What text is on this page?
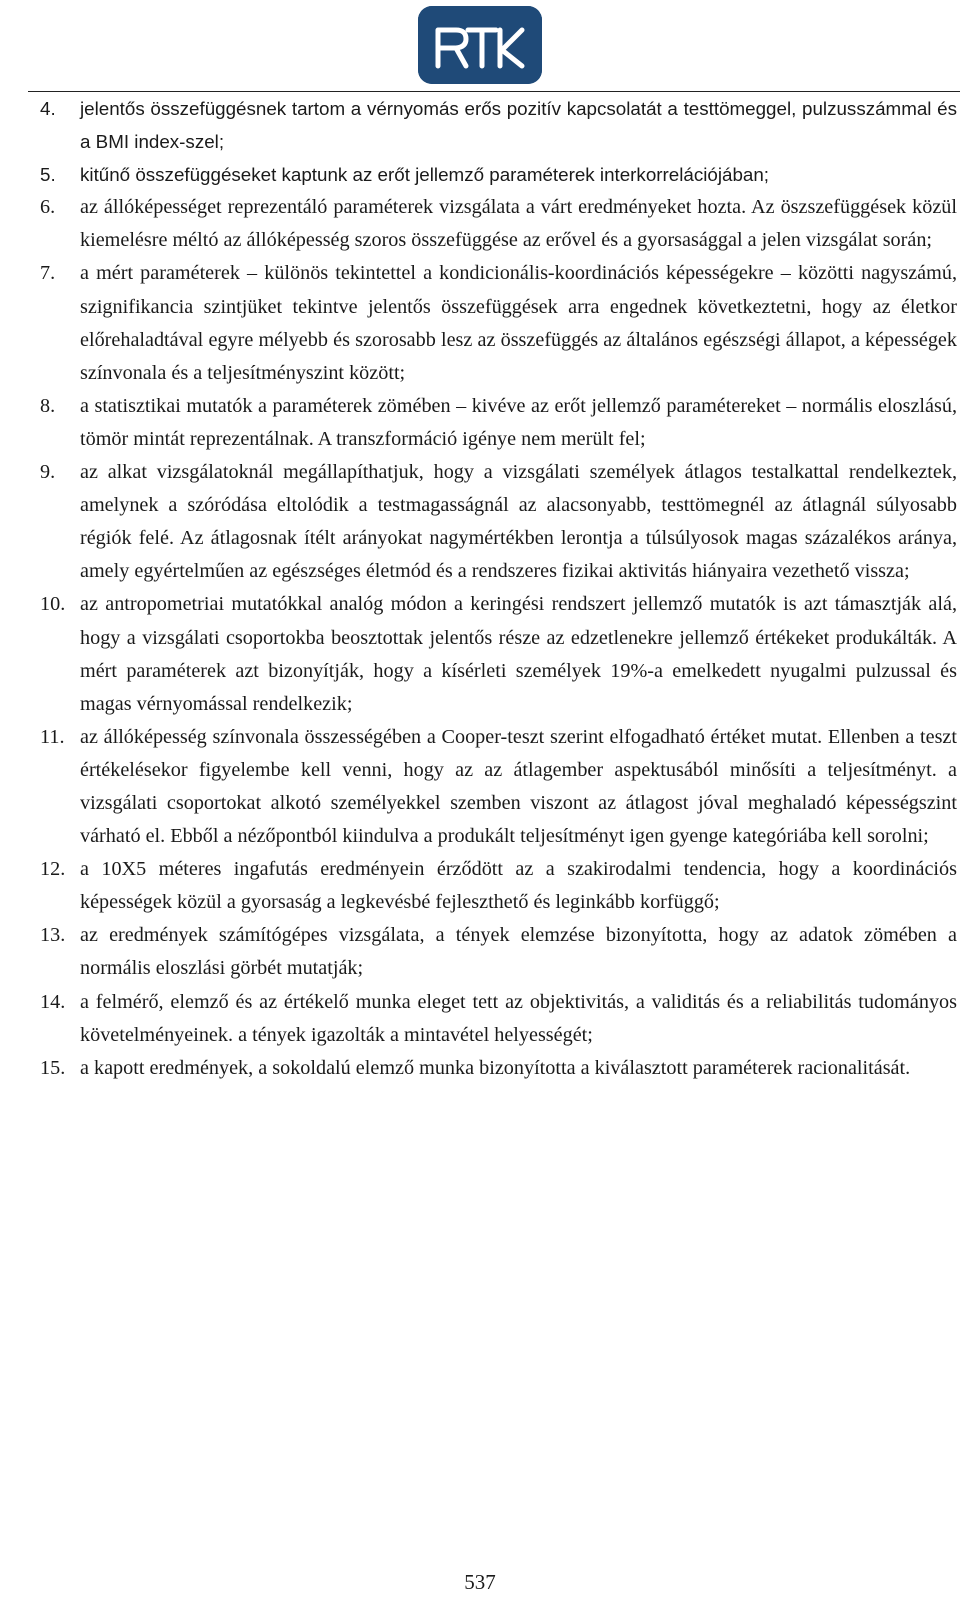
4. jelentős összefüggésnek tartom a vérnyomás erős pozitív kapcsolatát a testtömeggel, pulzusszámmal és a BMI index-szel;
5. kitűnő összefüggéseket kaptunk az erőt jellemző paraméterek interkorrelációjában;
6. az állóképességet reprezentáló paraméterek vizsgálata a várt eredményeket hozta. Az öszszefüggések közül kiemelésre méltó az állóképesség szoros összefüggése az erővel és a gyorsasággal a jelen vizsgálat során;
7. a mért paraméterek – különös tekintettel a kondicionális-koordinációs képességekre – közötti nagyszámú, szignifikancia szintjüket tekintve jelentős összefüggések arra engednek következtetni, hogy az életkor előrehaladtával egyre mélyebb és szorosabb lesz az összefüggés az általános egészségi állapot, a képességek színvonala és a teljesítményszint között;
8. a statisztikai mutatók a paraméterek zömében – kivéve az erőt jellemző paramétereket – normális eloszlású, tömör mintát reprezentálnak. A transzformáció igénye nem merült fel;
9. az alkat vizsgálatoknál megállapíthatjuk, hogy a vizsgálati személyek átlagos testalkattal rendelkeztek, amelynek a szóródása eltolódik a testmagasságnál az alacsonyabb, testtömegnél az átlagnál súlyosabb régiók felé. Az átlagosnak ítélt arányokat nagymértékben lerontja a túlsúlyosok magas százalékos aránya, amely egyértelműen az egészséges életmód és a rendszeres fizikai aktivitás hiányaira vezethető vissza;
10. az antropometriai mutatókkal analóg módon a keringési rendszert jellemző mutatók is azt támasztják alá, hogy a vizsgálati csoportokba beosztottak jelentős része az edzetlenekre jellemző értékeket produkálták. A mért paraméterek azt bizonyítják, hogy a kísérleti személyek 19%-a emelkedett nyugalmi pulzussal és magas vérnyomással rendelkezik;
11. az állóképesség színvonala összességében a Cooper-teszt szerint elfogadható értéket mutat. Ellenben a teszt értékelésekor figyelembe kell venni, hogy az az átlagember aspektusából minősíti a teljesítményt. a vizsgálati csoportokat alkotó személyekkel szemben viszont az átlagost jóval meghaladó képességszint várható el. Ebből a nézőpontból kiindulva a produkált teljesítményt igen gyenge kategóriába kell sorolni;
12. a 10X5 méteres ingafutás eredményein érződött az a szakirodalmi tendencia, hogy a koordinációs képességek közül a gyorsaság a legkevésbé fejleszthető és leginkább korfüggő;
13. az eredmények számítógépes vizsgálata, a tények elemzése bizonyította, hogy az adatok zömében a normális eloszlási görbét mutatják;
14. a felmérő, elemző és az értékelő munka eleget tett az objektivitás, a validitás és a reliabilitás tudományos követelményeinek. a tények igazolták a mintavétel helyességét;
15. a kapott eredmények, a sokoldalú elemző munka bizonyította a kiválasztott paraméterek racionalitását.
537
